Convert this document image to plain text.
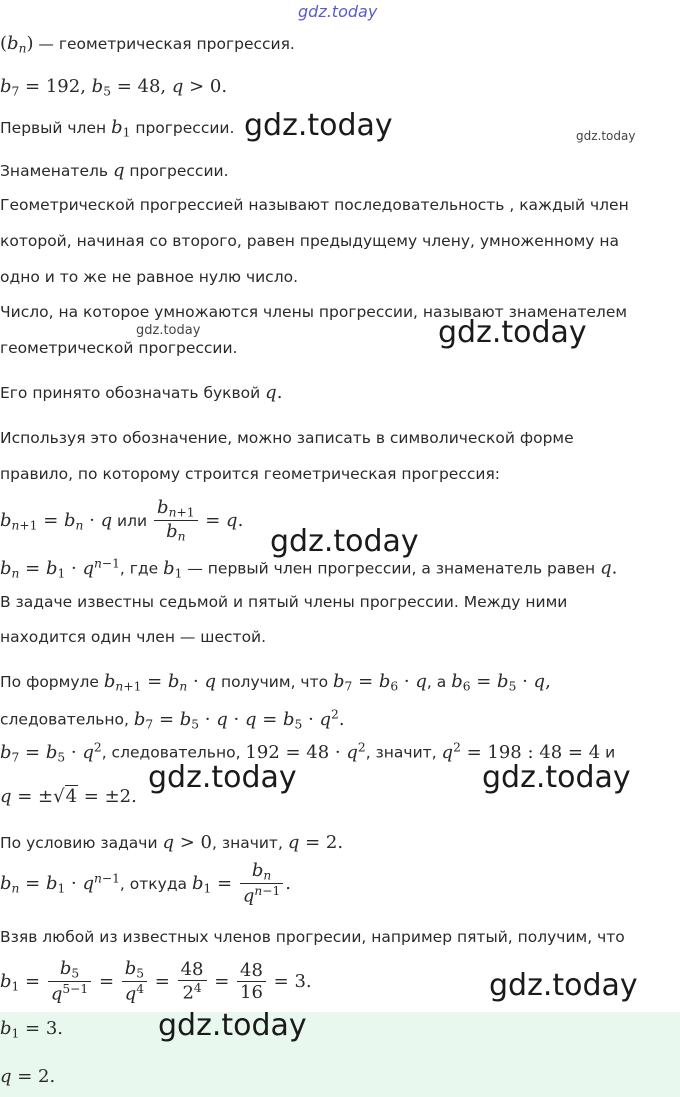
gdz.today
$(b_n)$ — геометрическая прогрессия.
$b_7 = 192$, $b_5 = 48$, q > 0.
Первый член $b_1$ прогрессии. gdz.today	gdz.today
Знаменатель q прогрессии.
Геометрической прогрессией называют последовательность , каждый член
которой, начиная со второго, равен предыдущему члену, умноженному на
одно и то же не равное нулю число.
Число, на которое умножаются члены прогрессии, называют знаменателем
gdz.today
геометрической прогрессии.	gdz.today
Его принято обозначать буквой q.
Используя это обозначение, можно записать в символической форме
правило, по которому строится геометрическая прогрессия:
$b_{n+1} = b_n \cdot q$ или $\frac{b_{n+1}}{b_n} = q$.
gdz.today
$b_n = b_1 \cdot q^{n-1}$, где $b_1$ — первый член прогрессии, а знаменатель равен q.
В задаче известны седьмой и пятый члены прогрессии. Между ними
находится один член — шестой.
По формуле $b_{n+1} = b_n \cdot q$ получим, что $b_7 = b_6 \cdot q$, а $b_6 = b_5 \cdot q$,
следовательно, $b_7 = b_5 \cdot q \cdot q = b_5 \cdot q^2$.
$b_7 = b_5 \cdot q^2$, следовательно, $192 = 48 \cdot q^2$, значит, $q^2 = 198$ : 48 = 4 и
q = ±√4 = ±2.
gdz.today	gdz.today
По условию задачи q > 0, значит, q = 2.
$b_n = b_1 \cdot q^{n-1}$, откуда $b_1 = \frac{b_n}{q^{n-1}}$ .
Взяв любой из известных членов прогресии, например пятый, получим, что
$b_1 = \frac{b_5}{q^{5-1}} = \frac{b_5}{q^4} = \frac{48}{2^4} = \frac{48}{16} = 3$.	gdz.today
$b_1 = 3$.	gdz.today
q = 2.
